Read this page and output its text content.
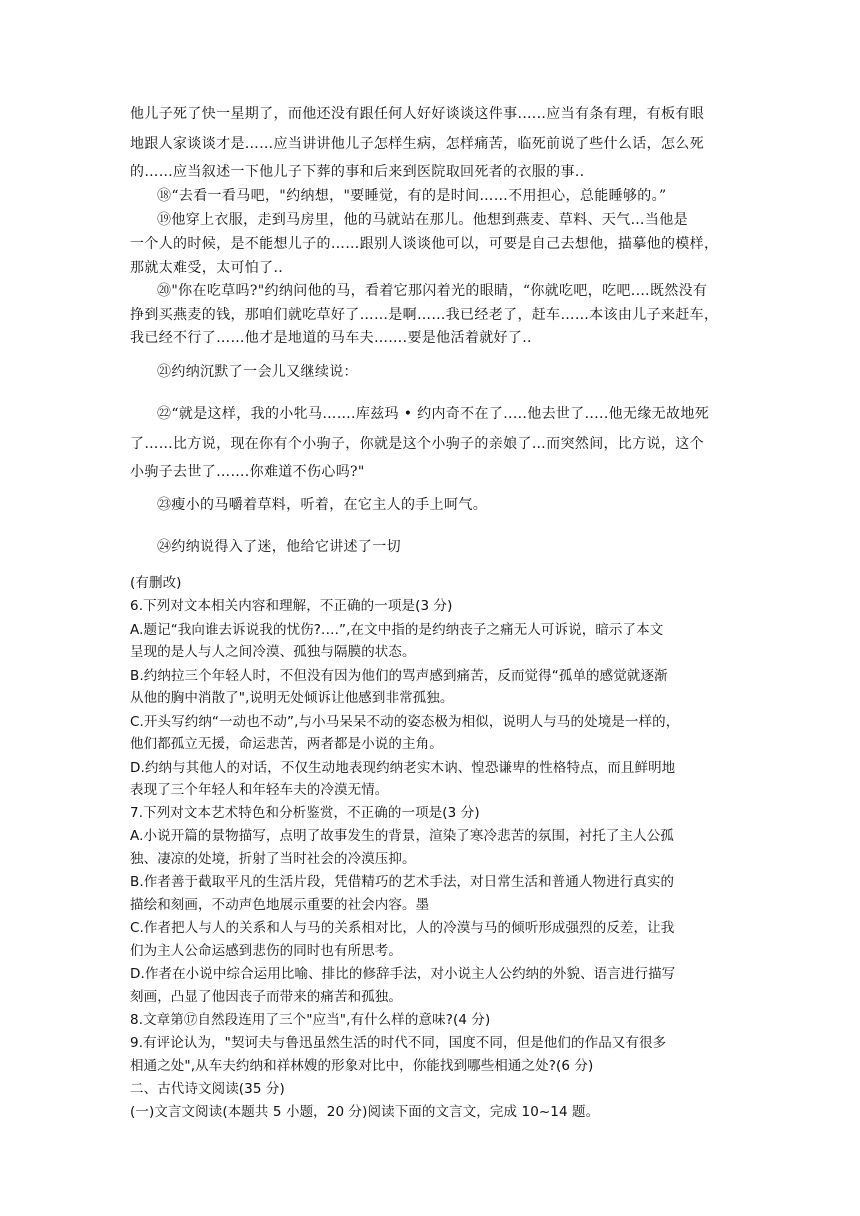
他儿子死了快一星期了，而他还没有跟任何人好好谈谈这件事.…‥应当有条有理，有板有眼
地跟人家谈谈才是……应当讲讲他儿子怎样生病，怎样痛苦，临死前说了些什么话，怎么死
的……应当叙述一下他儿子下葬的事和后来到医院取回死者的衣服的事..
⑱“去看一看马吧，"约纳想，"要睡觉，有的是时间……不用担心，总能睡够的。”
⑲他穿上衣服，走到马房里，他的马就站在那儿。他想到燕麦、草料、天气…当他是
一个人的时候，是不能想儿子的……跟别人谈谈他可以，可要是自己去想他，描摹他的模样，
那就太难受，太可怕了..
⑳"你在吃草吗?"约纳问他的马，看着它那闪着光的眼睛，“你就吃吧，吃吧.…既然没有
挣到买燕麦的钱，那咱们就吃草好了……是啊……我已经老了，赶车……本该由儿子来赶车，
我已经不行了……他才是地道的马车夫…….要是他活着就好了..
㉑约纳沉默了一会儿又继续说：
㉒“就是这样，我的小牝马…….库兹玛 • 约内奇不在了.....他去世了.....他无缘无故地死
了……比方说，现在你有个小驹子，你就是这个小驹子的亲娘了…而突然间，比方说，这个
小驹子去世了…….你难道不伤心吗?"
㉓瘦小的马嚼着草料，听着，在它主人的手上呵气。
㉔约纳说得入了迷，他给它讲述了一切
(有删改)
6.下列对文本相关内容和理解，不正确的一项是(3 分)
A.题记“我向谁去诉说我的忧伤?.…”,在文中指的是约纳丧子之痛无人可诉说，暗示了本文
呈现的是人与人之间冷漠、孤独与隔膜的状态。
B.约纳拉三个年轻人时，不但没有因为他们的骂声感到痛苦，反而觉得“孤单的感觉就逐渐
从他的胸中消散了",说明无处倾诉让他感到非常孤独。
C.开头写约纳“一动也不动”,与小马呆呆不动的姿态极为相似，说明人与马的处境是一样的，
他们都孤立无援，命运悲苦，两者都是小说的主角。
D.约纳与其他人的对话，不仅生动地表现约纳老实木讷、惶恐谦卑的性格特点，而且鲜明地
表现了三个年轻人和年轻车夫的冷漠无情。
7.下列对文本艺术特色和分析鉴赏，不正确的一项是(3 分)
A.小说开篇的景物描写，点明了故事发生的背景，渲染了寒冷悲苦的氛围，衬托了主人公孤
独、凄凉的处境，折射了当时社会的冷漠压抑。
B.作者善于截取平凡的生活片段，凭借精巧的艺术手法，对日常生活和普通人物进行真实的
描绘和刻画，不动声色地展示重要的社会内容。墨
C.作者把人与人的关系和人与马的关系相对比，人的冷漠与马的倾听形成强烈的反差，让我
们为主人公命运感到悲伤的同时也有所思考。
D.作者在小说中综合运用比喻、排比的修辞手法，对小说主人公约纳的外貌、语言进行描写
刻画，凸显了他因丧子而带来的痛苦和孤独。
8.文章第⑰自然段连用了三个"应当",有什么样的意味?(4 分)
9.有评论认为，"契诃夫与鲁迅虽然生活的时代不同，国度不同，但是他们的作品又有很多
相通之处",从车夫约纳和祥林嫂的形象对比中，你能找到哪些相通之处?(6 分)
二、古代诗文阅读(35 分)
(一)文言文阅读(本题共 5 小题，20 分)阅读下面的文言文，完成 10~14 题。
